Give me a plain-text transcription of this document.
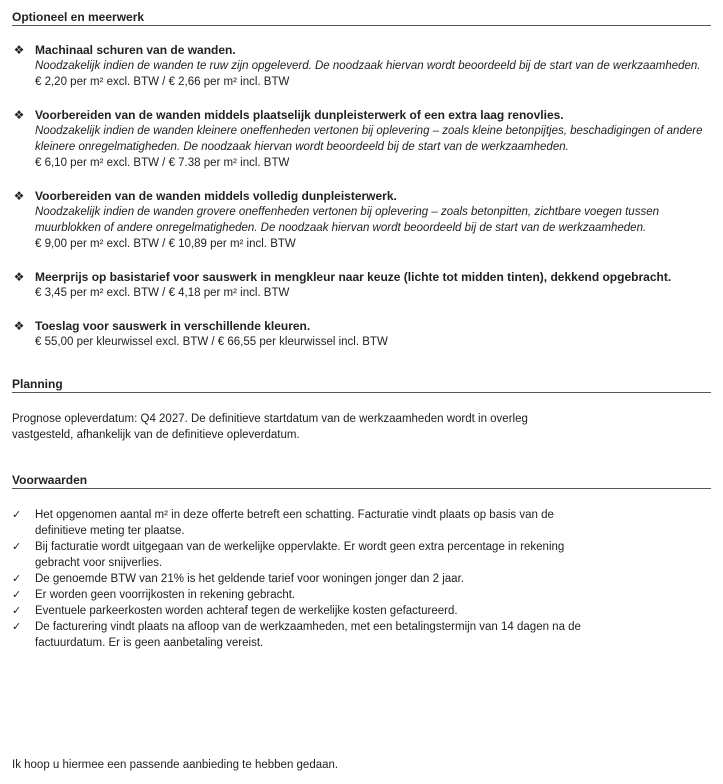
Optioneel en meerwerk
❖ Machinaal schuren van de wanden.
Noodzakelijk indien de wanden te ruw zijn opgeleverd. De noodzaak hiervan wordt beoordeeld bij de start van de werkzaamheden.
€ 2,20 per m² excl. BTW / € 2,66 per m² incl. BTW
❖ Voorbereiden van de wanden middels plaatselijk dunpleisterwerk of een extra laag renovlies.
Noodzakelijk indien de wanden kleinere oneffenheden vertonen bij oplevering – zoals kleine betonpijtjes, beschadigingen of andere kleinere onregelmatigheden. De noodzaak hiervan wordt beoordeeld bij de start van de werkzaamheden.
€ 6,10 per m² excl. BTW / € 7.38 per m² incl. BTW
❖ Voorbereiden van de wanden middels volledig dunpleisterwerk.
Noodzakelijk indien de wanden grovere oneffenheden vertonen bij oplevering – zoals betonpitten, zichtbare voegen tussen muurblokken of andere onregelmatigheden. De noodzaak hiervan wordt beoordeeld bij de start van de werkzaamheden.
€ 9,00 per m² excl. BTW / € 10,89 per m² incl. BTW
❖ Meerprijs op basistarief voor sauswerk in mengkleur naar keuze (lichte tot midden tinten), dekkend opgebracht.
€ 3,45 per m² excl. BTW / € 4,18 per m² incl. BTW
❖ Toeslag voor sauswerk in verschillende kleuren.
€ 55,00 per kleurwissel excl. BTW / € 66,55 per kleurwissel incl. BTW
Planning
Prognose opleverdatum: Q4 2027. De definitieve startdatum van de werkzaamheden wordt in overleg vastgesteld, afhankelijk van de definitieve opleverdatum.
Voorwaarden
✓ Het opgenomen aantal m² in deze offerte betreft een schatting. Facturatie vindt plaats op basis van de definitieve meting ter plaatse.
✓ Bij facturatie wordt uitgegaan van de werkelijke oppervlakte. Er wordt geen extra percentage in rekening gebracht voor snijverlies.
✓ De genoemde BTW van 21% is het geldende tarief voor woningen jonger dan 2 jaar.
✓ Er worden geen voorrijkosten in rekening gebracht.
✓ Eventuele parkeerkosten worden achteraf tegen de werkelijke kosten gefactureerd.
✓ De facturering vindt plaats na afloop van de werkzaamheden, met een betalingstermijn van 14 dagen na de factuurdatum. Er is geen aanbetaling vereist.
Ik hoop u hiermee een passende aanbieding te hebben gedaan.
